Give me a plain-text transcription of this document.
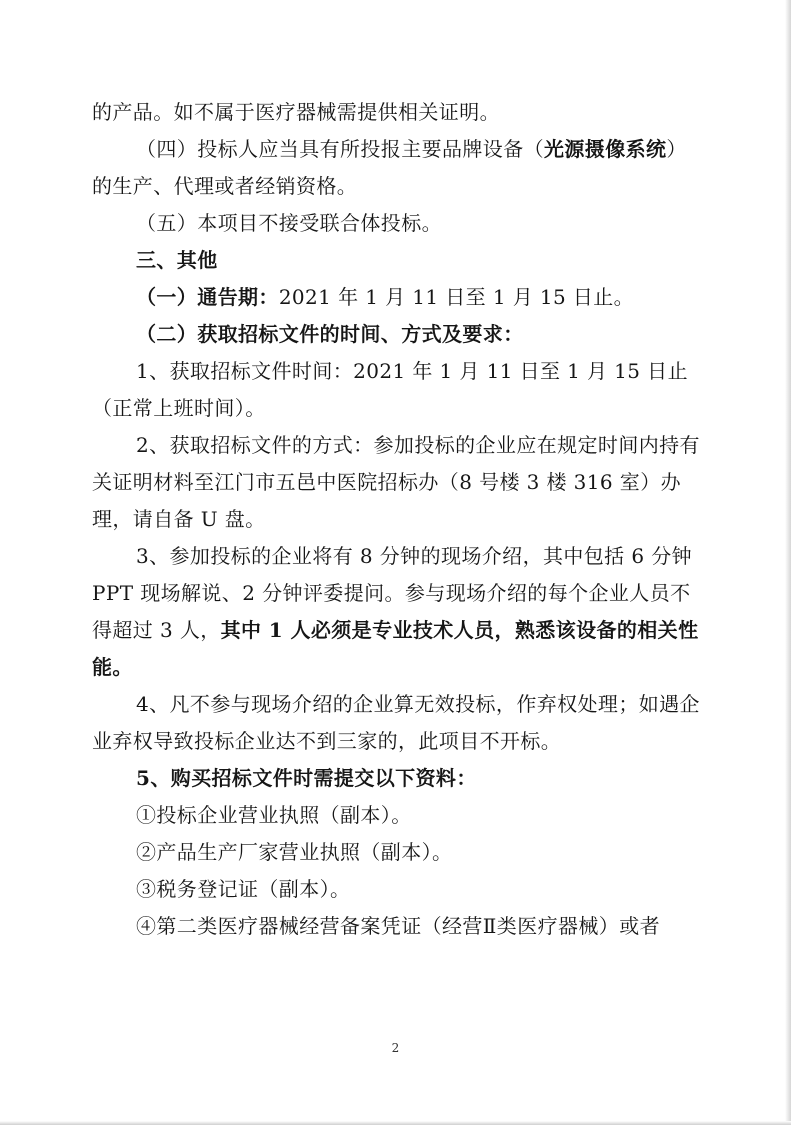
的产品。如不属于医疗器械需提供相关证明。

（四）投标人应当具有所投报主要品牌设备（光源摄像系统）的生产、代理或者经销资格。

（五）本项目不接受联合体投标。

三、其他

（一）通告期：2021 年 1 月 11 日至 1 月 15 日止。

（二）获取招标文件的时间、方式及要求：

1、获取招标文件时间：2021 年 1 月 11 日至 1 月 15 日止（正常上班时间）。

2、获取招标文件的方式：参加投标的企业应在规定时间内持有关证明材料至江门市五邑中医院招标办（8 号楼 3 楼 316 室）办理，请自备 U 盘。

3、参加投标的企业将有 8 分钟的现场介绍，其中包括 6 分钟 PPT 现场解说、2 分钟评委提问。参与现场介绍的每个企业人员不得超过 3 人，其中 1 人必须是专业技术人员，熟悉该设备的相关性能。

4、凡不参与现场介绍的企业算无效投标，作弃权处理；如遇企业弃权导致投标企业达不到三家的，此项目不开标。

5、购买招标文件时需提交以下资料：

①投标企业营业执照（副本）。

②产品生产厂家营业执照（副本）。

③税务登记证（副本）。

④第二类医疗器械经营备案凭证（经营Ⅱ类医疗器械）或者

2
